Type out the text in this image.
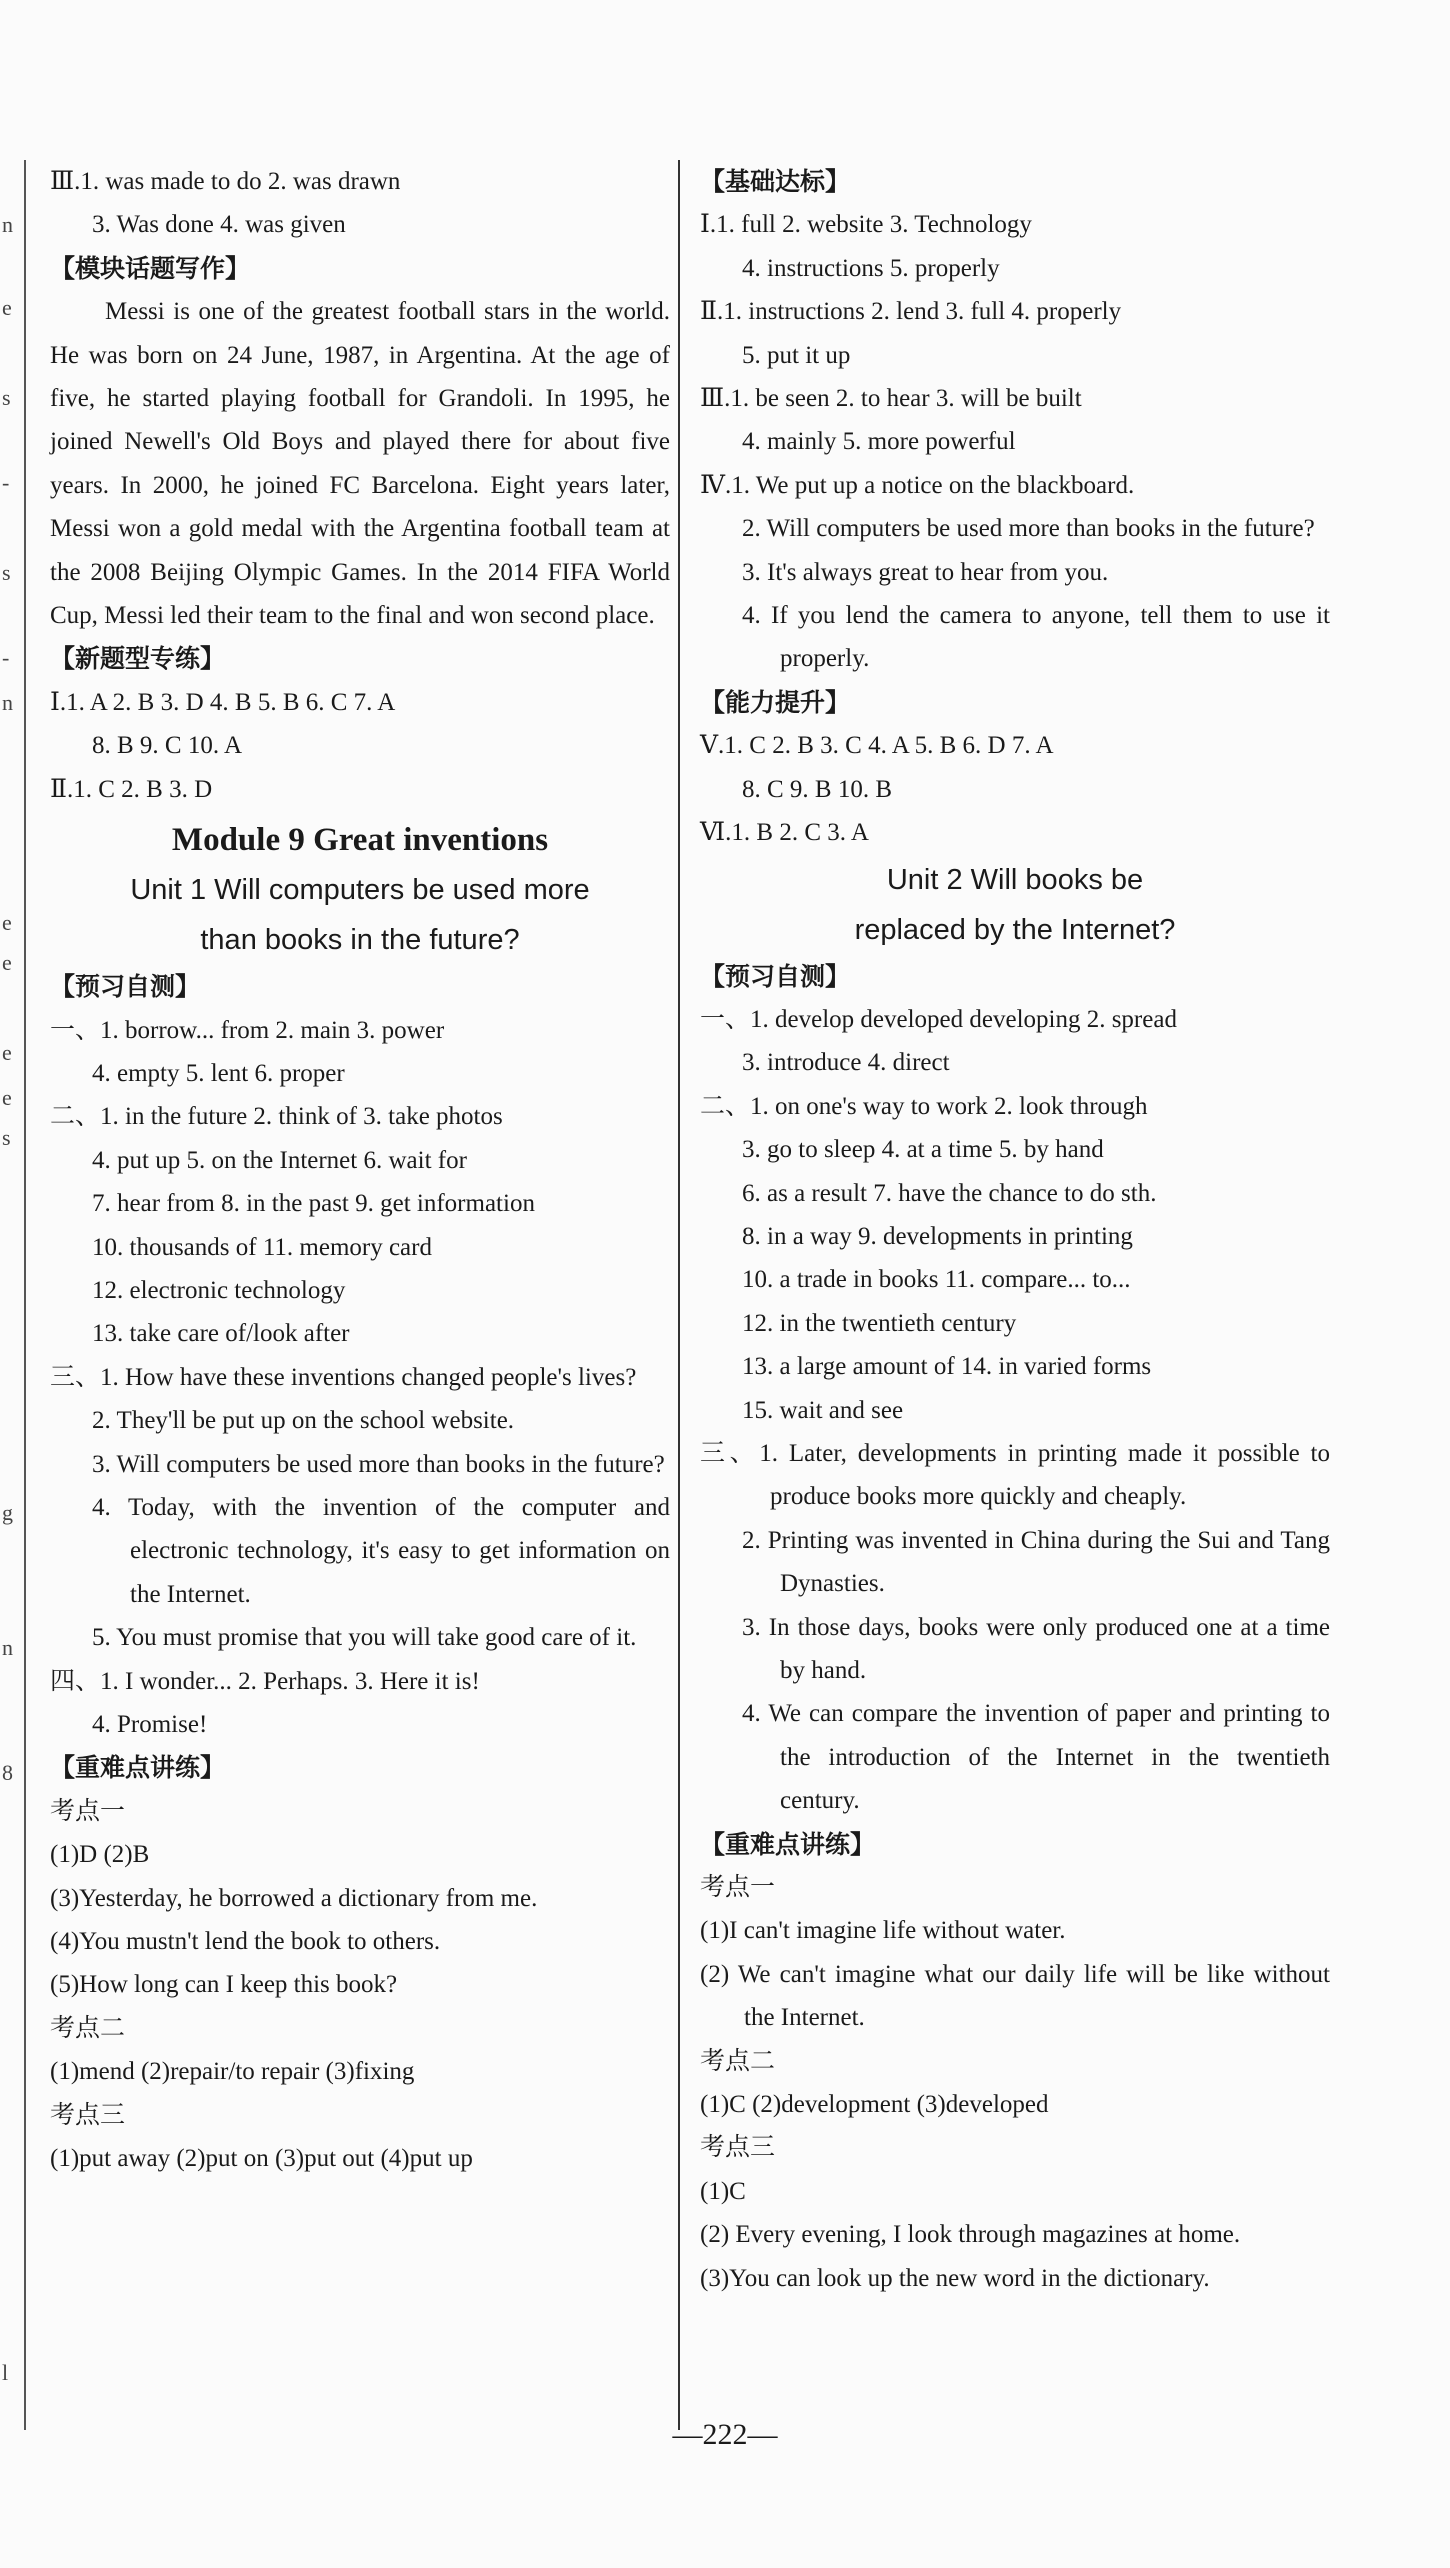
n
e
s
-
s
-
n
e
e
e
e
s
g
n
8
l
Ⅲ.1. was made to do 2. was drawn
3. Was done 4. was given
【模块话题写作】
Messi is one of the greatest football stars in the world. He was born on 24 June, 1987, in Argentina. At the age of five, he started playing football for Grandoli. In 1995, he joined Newell's Old Boys and played there for about five years. In 2000, he joined FC Barcelona. Eight years later, Messi won a gold medal with the Argentina football team at the 2008 Beijing Olympic Games. In the 2014 FIFA World Cup, Messi led their team to the final and won second place.
【新题型专练】
Ⅰ.1. A 2. B 3. D 4. B 5. B 6. C 7. A
8. B 9. C 10. A
Ⅱ.1. C 2. B 3. D
Module 9 Great inventions
Unit 1 Will computers be used more
than books in the future?
【预习自测】
一、1. borrow... from 2. main 3. power
4. empty 5. lent 6. proper
二、1. in the future 2. think of 3. take photos
4. put up 5. on the Internet 6. wait for
7. hear from 8. in the past 9. get information
10. thousands of 11. memory card
12. electronic technology
13. take care of/look after
三、1. How have these inventions changed people's lives?
2. They'll be put up on the school website.
3. Will computers be used more than books in the future?
4. Today, with the invention of the computer and electronic technology, it's easy to get information on the Internet.
5. You must promise that you will take good care of it.
四、1. I wonder... 2. Perhaps. 3. Here it is!
4. Promise!
【重难点讲练】
考点一
(1)D (2)B
(3)Yesterday, he borrowed a dictionary from me.
(4)You mustn't lend the book to others.
(5)How long can I keep this book?
考点二
(1)mend (2)repair/to repair (3)fixing
考点三
(1)put away (2)put on (3)put out (4)put up
【基础达标】
Ⅰ.1. full 2. website 3. Technology
4. instructions 5. properly
Ⅱ.1. instructions 2. lend 3. full 4. properly
5. put it up
Ⅲ.1. be seen 2. to hear 3. will be built
4. mainly 5. more powerful
Ⅳ.1. We put up a notice on the blackboard.
2. Will computers be used more than books in the future?
3. It's always great to hear from you.
4. If you lend the camera to anyone, tell them to use it properly.
【能力提升】
Ⅴ.1. C 2. B 3. C 4. A 5. B 6. D 7. A
8. C 9. B 10. B
Ⅵ.1. B 2. C 3. A
Unit 2 Will books be
replaced by the Internet?
【预习自测】
一、1. develop developed developing 2. spread
3. introduce 4. direct
二、1. on one's way to work 2. look through
3. go to sleep 4. at a time 5. by hand
6. as a result 7. have the chance to do sth.
8. in a way 9. developments in printing
10. a trade in books 11. compare... to...
12. in the twentieth century
13. a large amount of 14. in varied forms
15. wait and see
三、1. Later, developments in printing made it possible to produce books more quickly and cheaply.
2. Printing was invented in China during the Sui and Tang Dynasties.
3. In those days, books were only produced one at a time by hand.
4. We can compare the invention of paper and printing to the introduction of the Internet in the twentieth century.
【重难点讲练】
考点一
(1)I can't imagine life without water.
(2) We can't imagine what our daily life will be like without the Internet.
考点二
(1)C (2)development (3)developed
考点三
(1)C
(2) Every evening, I look through magazines at home.
(3)You can look up the new word in the dictionary.
—222—
